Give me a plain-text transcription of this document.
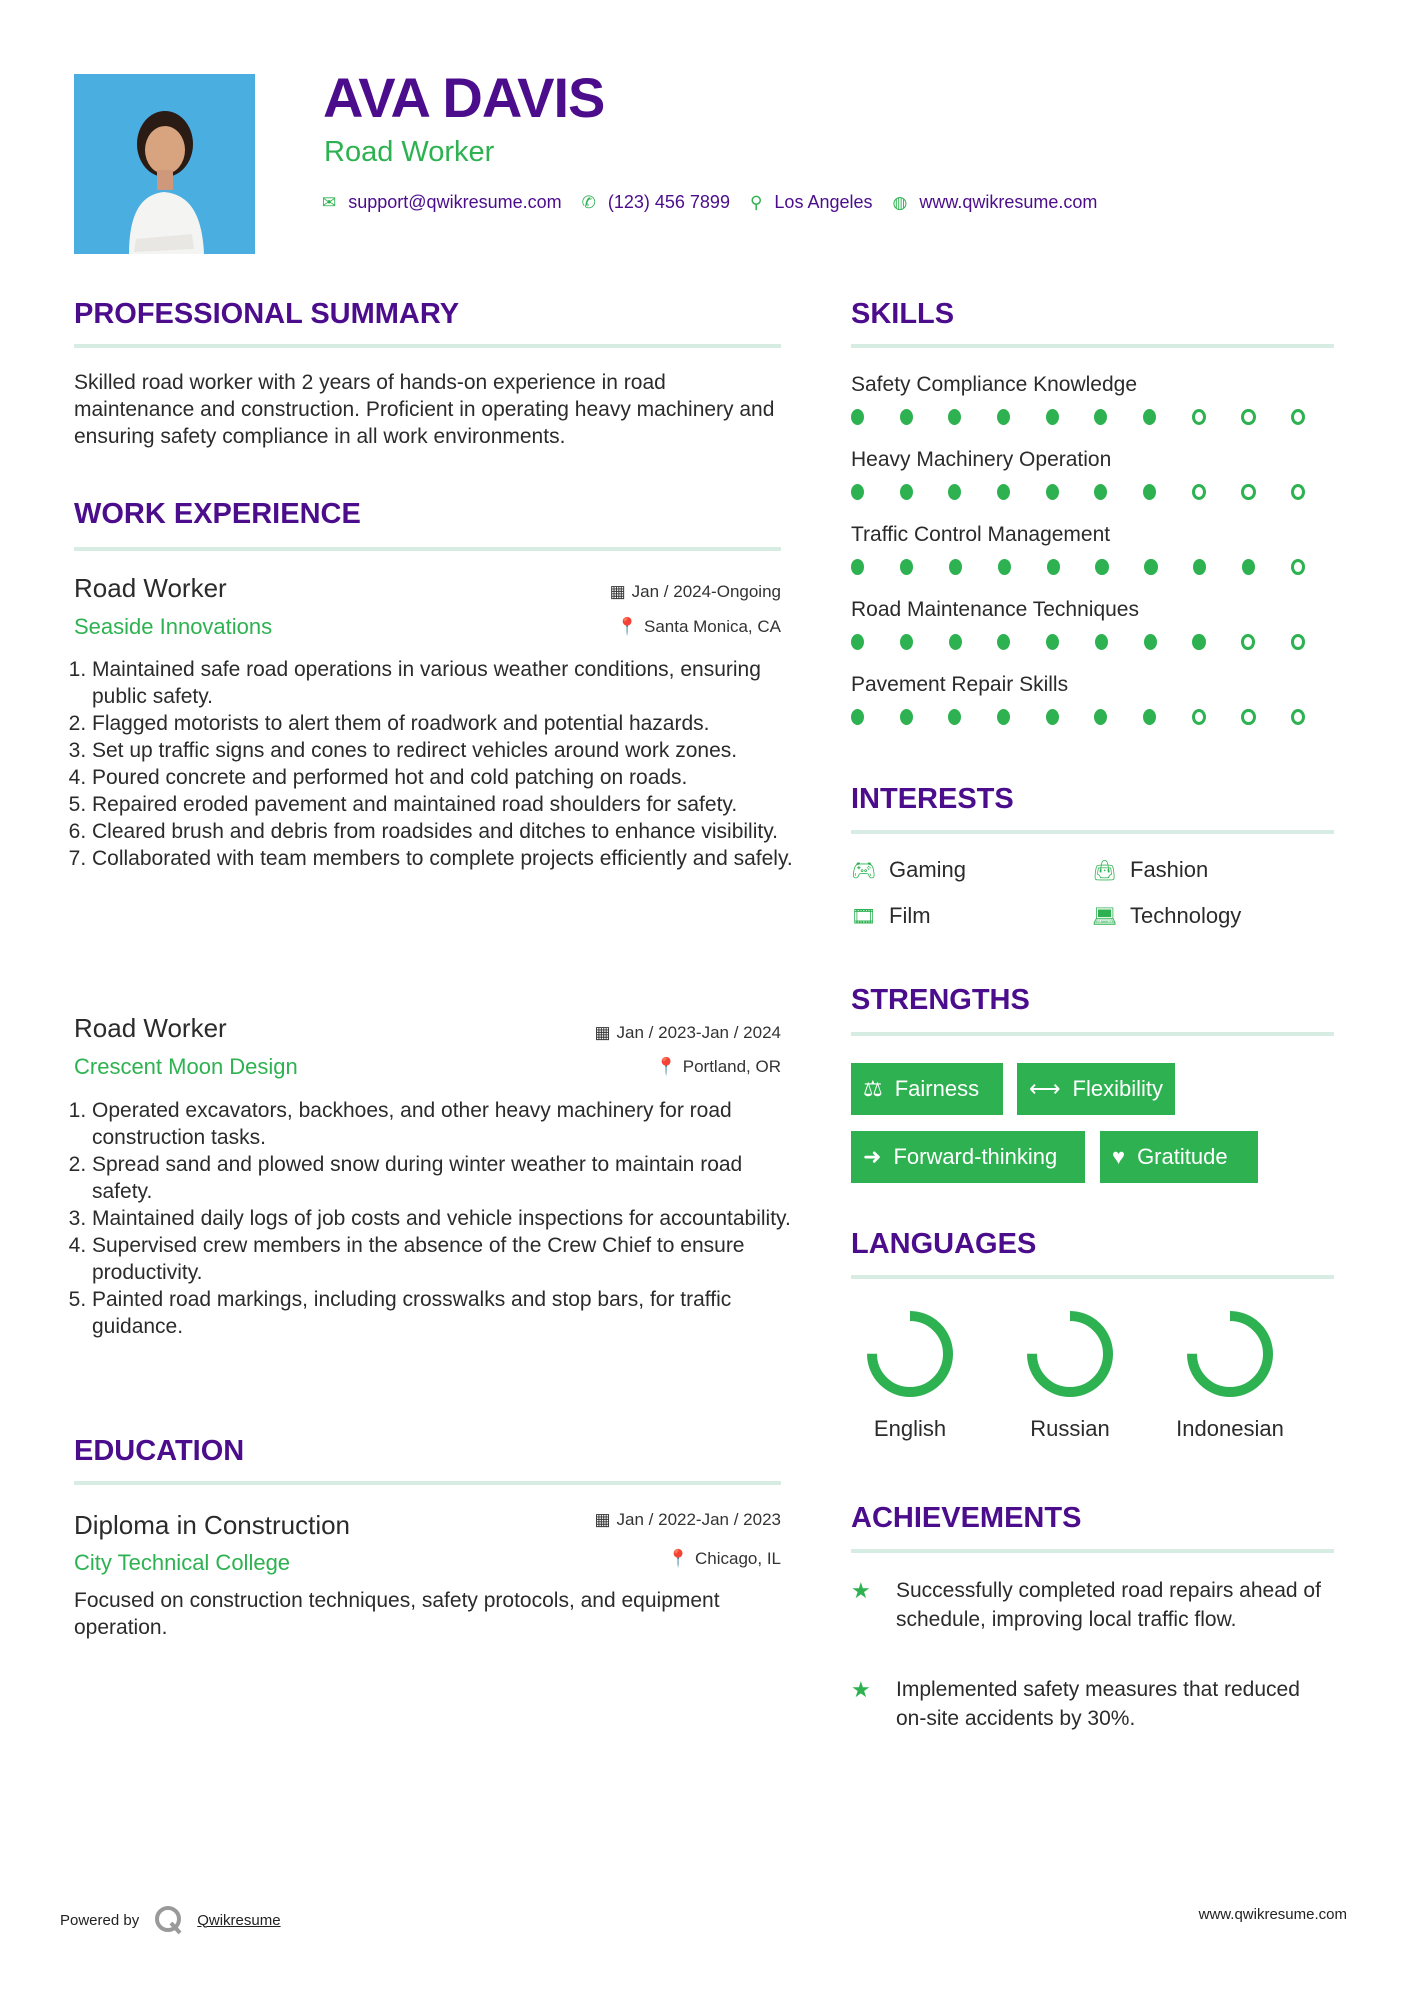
AVA DAVIS
Road Worker
✉ support@qwikresume.com ✆ (123) 456 7899 ⚲ Los Angeles ◍ www.qwikresume.com
PROFESSIONAL SUMMARY
Skilled road worker with 2 years of hands-on experience in road maintenance and construction. Proficient in operating heavy machinery and ensuring safety compliance in all work environments.
WORK EXPERIENCE
Road Worker	▦ Jan / 2024-Ongoing
Seaside Innovations	📍 Santa Monica, CA
1. Maintained safe road operations in various weather conditions, ensuring public safety.
2. Flagged motorists to alert them of roadwork and potential hazards.
3. Set up traffic signs and cones to redirect vehicles around work zones.
4. Poured concrete and performed hot and cold patching on roads.
5. Repaired eroded pavement and maintained road shoulders for safety.
6. Cleared brush and debris from roadsides and ditches to enhance visibility.
7. Collaborated with team members to complete projects efficiently and safely.
Road Worker	▦ Jan / 2023-Jan / 2024
Crescent Moon Design	📍 Portland, OR
1. Operated excavators, backhoes, and other heavy machinery for road construction tasks.
2. Spread sand and plowed snow during winter weather to maintain road safety.
3. Maintained daily logs of job costs and vehicle inspections for accountability.
4. Supervised crew members in the absence of the Crew Chief to ensure productivity.
5. Painted road markings, including crosswalks and stop bars, for traffic guidance.
EDUCATION
Diploma in Construction	▦ Jan / 2022-Jan / 2023
City Technical College	📍 Chicago, IL
Focused on construction techniques, safety protocols, and equipment operation.
SKILLS
Safety Compliance Knowledge
Heavy Machinery Operation
Traffic Control Management
Road Maintenance Techniques
Pavement Repair Skills
INTERESTS
🎮︎ Gaming	👜︎ Fashion
🎞︎ Film	💻︎ Technology
STRENGTHS
⚖ Fairness ⟷ Flexibility
➜ Forward-thinking ♥ Gratitude
LANGUAGES
English	Russian	Indonesian
ACHIEVEMENTS
★	Successfully completed road repairs ahead of schedule, improving local traffic flow.
★	Implemented safety measures that reduced on-site accidents by 30%.
Powered by	Qwikresume	www.qwikresume.com
